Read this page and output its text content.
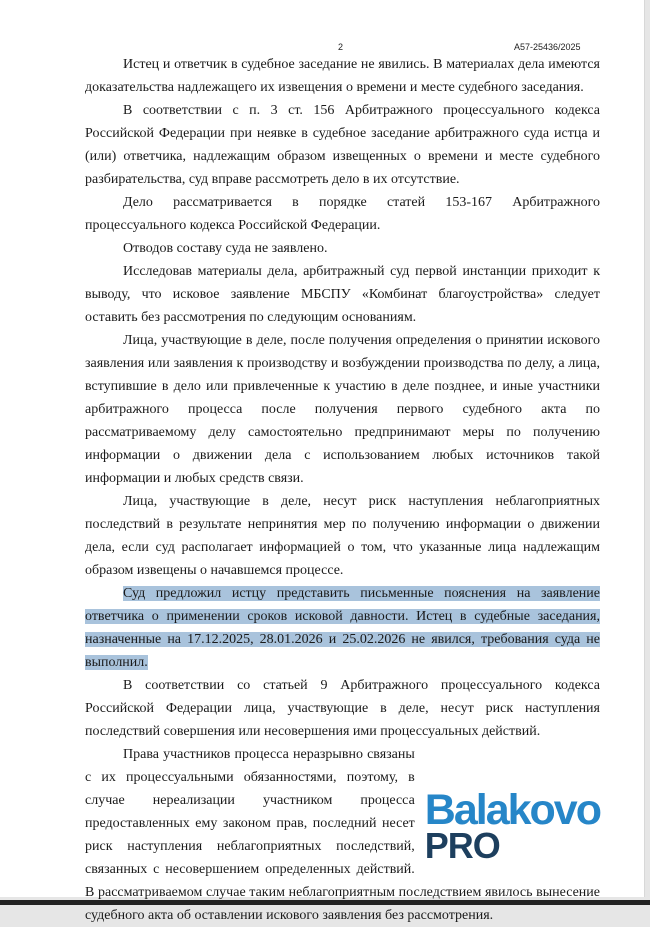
2	А57-25436/2025

Истец и ответчик в судебное заседание не явились. В материалах дела имеются доказательства надлежащего их извещения о времени и месте судебного заседания.

В соответствии с п. 3 ст. 156 Арбитражного процессуального кодекса Российской Федерации при неявке в судебное заседание арбитражного суда истца и (или) ответчика, надлежащим образом извещенных о времени и месте судебного разбирательства, суд вправе рассмотреть дело в их отсутствие.

Дело рассматривается в порядке статей 153-167 Арбитражного процессуального кодекса Российской Федерации.

Отводов составу суда не заявлено.

Исследовав материалы дела, арбитражный суд первой инстанции приходит к выводу, что исковое заявление МБСПУ «Комбинат благоустройства» следует оставить без рассмотрения по следующим основаниям.

Лица, участвующие в деле, после получения определения о принятии искового заявления или заявления к производству и возбуждении производства по делу, а лица, вступившие в дело или привлеченные к участию в деле позднее, и иные участники арбитражного процесса после получения первого судебного акта по рассматриваемому делу самостоятельно предпринимают меры по получению информации о движении дела с использованием любых источников такой информации и любых средств связи.

Лица, участвующие в деле, несут риск наступления неблагоприятных последствий в результате непринятия мер по получению информации о движении дела, если суд располагает информацией о том, что указанные лица надлежащим образом извещены о начавшемся процессе.

Суд предложил истцу представить письменные пояснения на заявление ответчика о применении сроков исковой давности. Истец в судебные заседания, назначенные на 17.12.2025, 28.01.2026 и 25.02.2026 не явился, требования суда не выполнил.

В соответствии со статьей 9 Арбитражного процессуального кодекса Российской Федерации лица, участвующие в деле, несут риск наступления последствий совершения или несовершения ими процессуальных действий.

Balakovo
PRO
Права участников процесса неразрывно связаны с их процессуальными обязанностями, поэтому, в случае нереализации участником процесса предоставленных ему законом прав, последний несет риск наступления неблагоприятных последствий, связанных с несовершением определенных действий. В рассматриваемом случае таким неблагоприятным последствием явилось вынесение судебного акта об оставлении искового заявления без рассмотрения.
